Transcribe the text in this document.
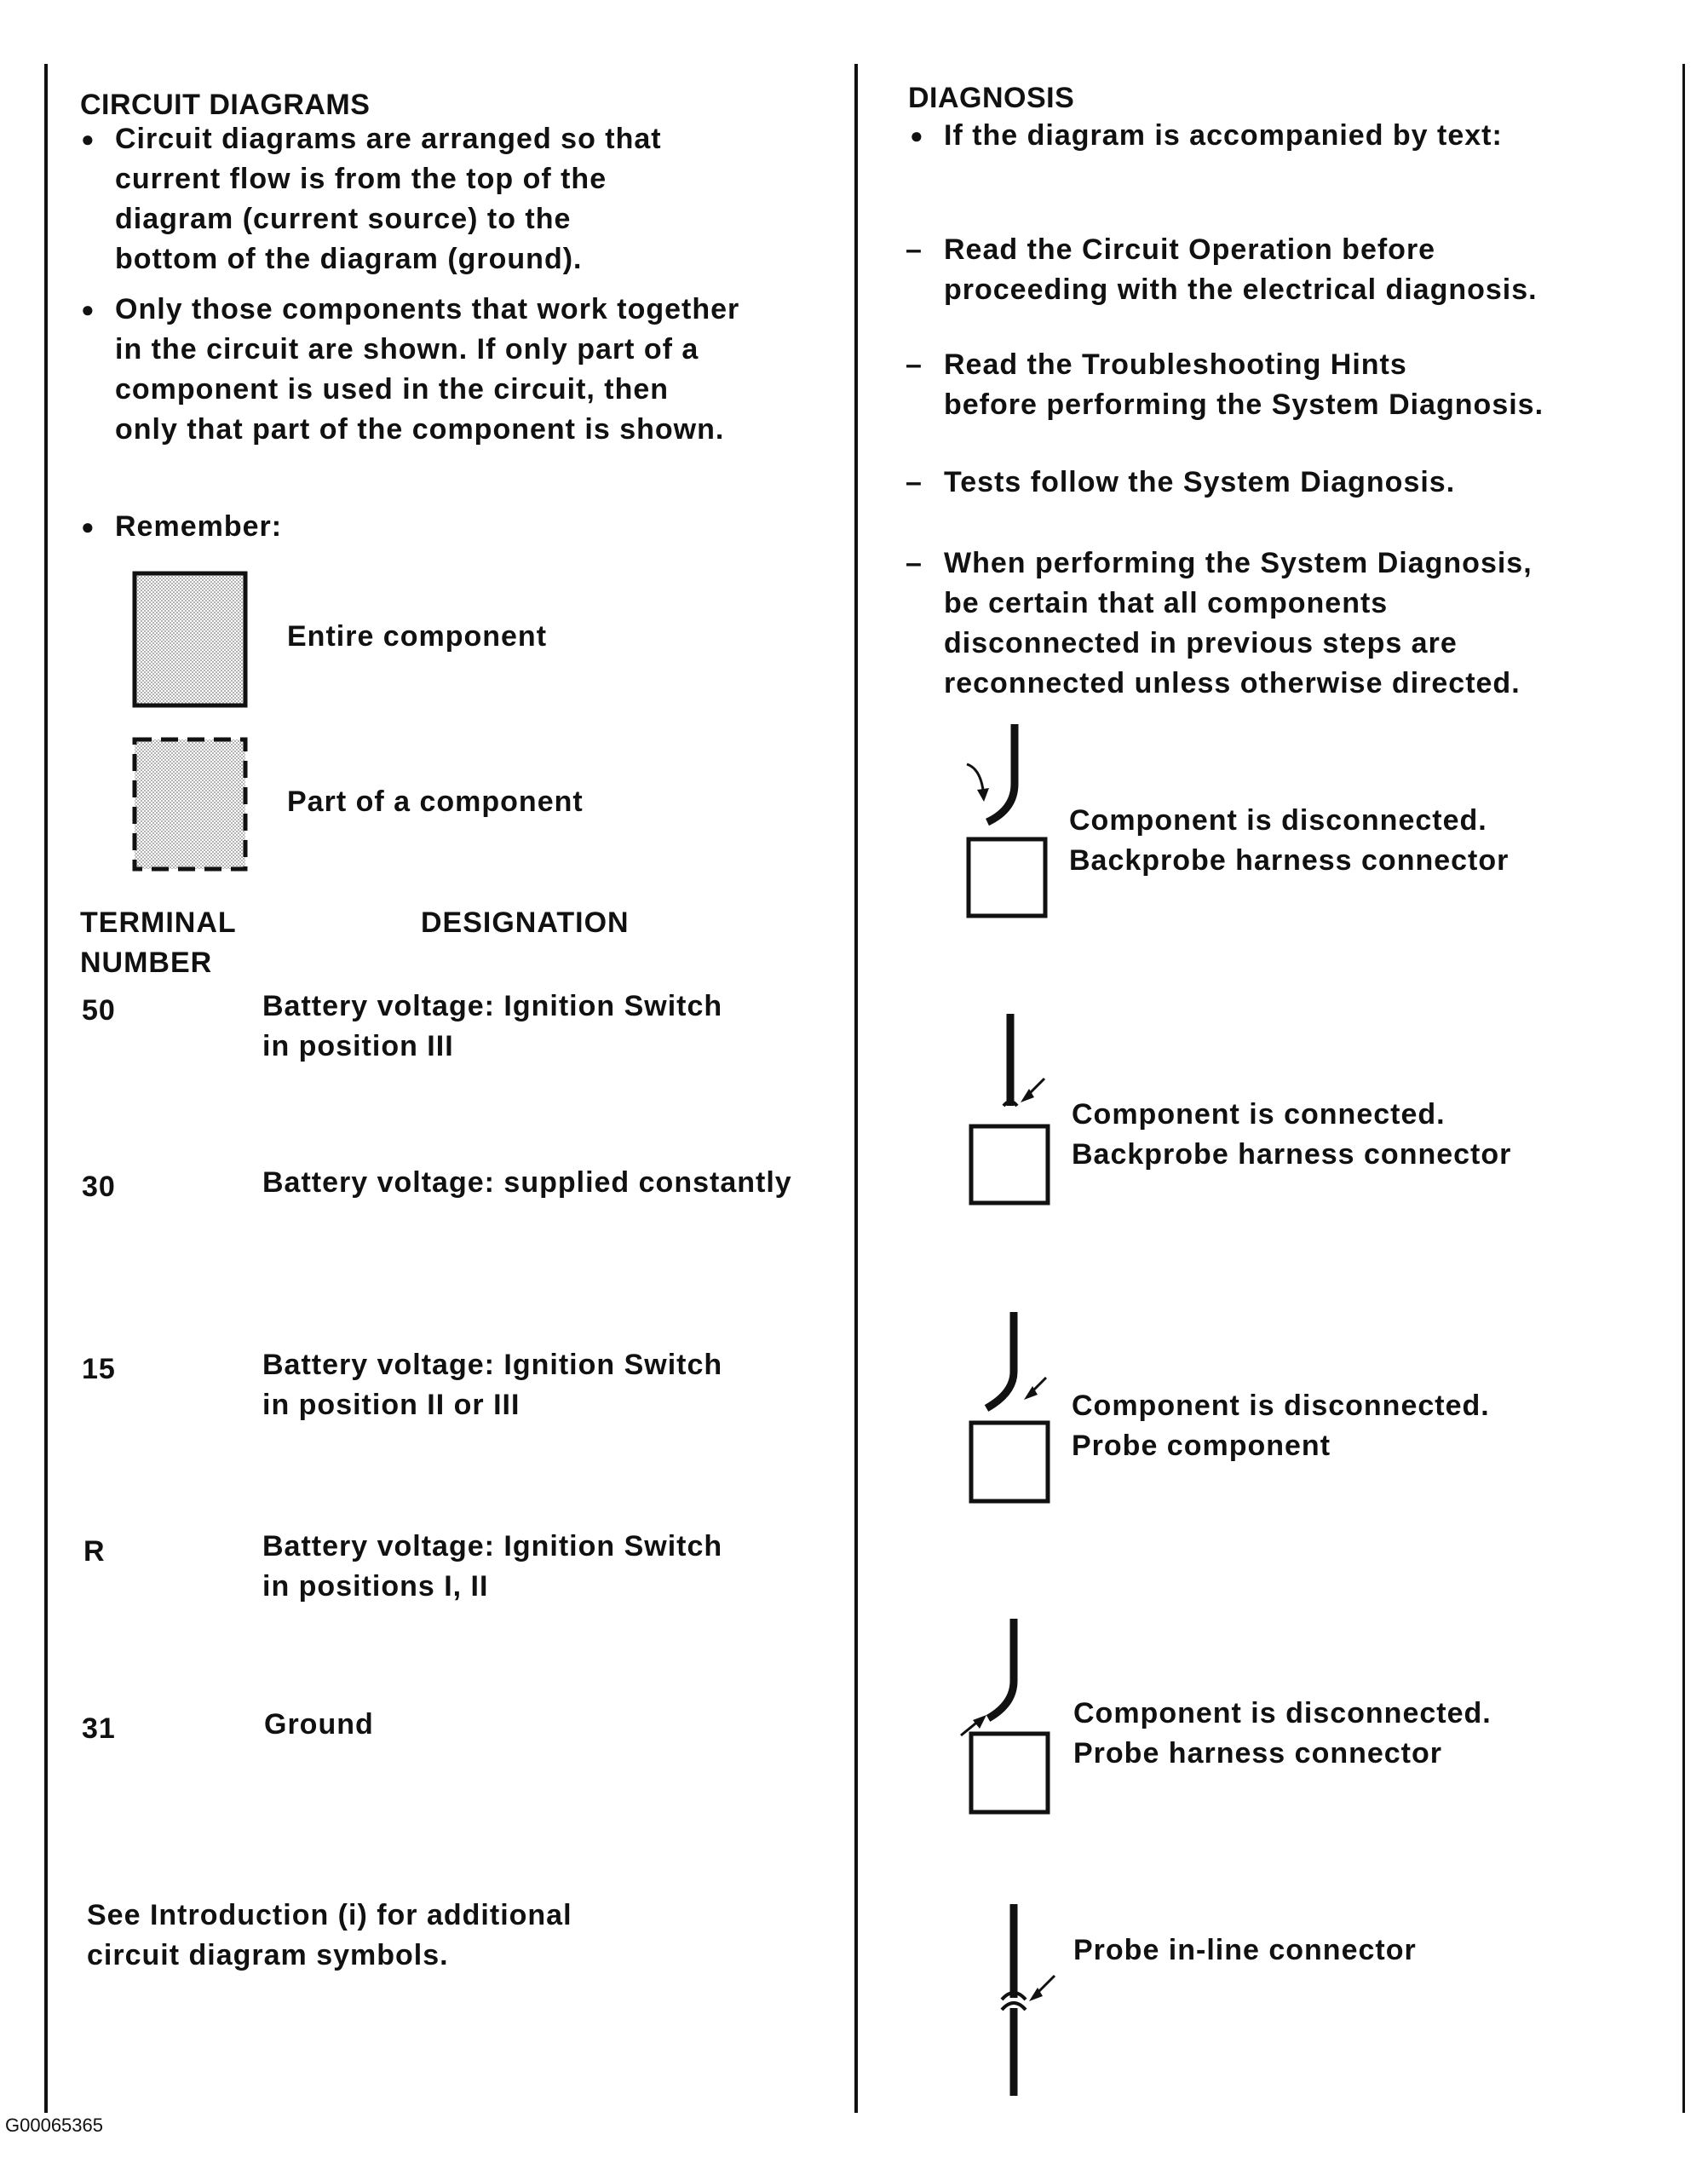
CIRCUIT DIAGRAMS
● Circuit diagrams are arranged so that
current flow is from the top of the
diagram (current source) to the
bottom of the diagram (ground).
● Only those components that work together
in the circuit are shown. If only part of a
component is used in the circuit, then
only that part of the component is shown.
● Remember:
Entire component
Part of a component
TERMINAL
NUMBER
DESIGNATION
50	Battery voltage: Ignition Switch
in position III
30	Battery voltage: supplied constantly
15	Battery voltage: Ignition Switch
in position II or III
R	Battery voltage: Ignition Switch
in positions I, II
31	Ground
See Introduction (i) for additional
circuit diagram symbols.
DIAGNOSIS
● If the diagram is accompanied by text:
– Read the Circuit Operation before
proceeding with the electrical diagnosis.
– Read the Troubleshooting Hints
before performing the System Diagnosis.
– Tests follow the System Diagnosis.
– When performing the System Diagnosis,
be certain that all components
disconnected in previous steps are
reconnected unless otherwise directed.
Component is disconnected.
Backprobe harness connector
Component is connected.
Backprobe harness connector
Component is disconnected.
Probe component
Component is disconnected.
Probe harness connector
Probe in-line connector
G00065365
